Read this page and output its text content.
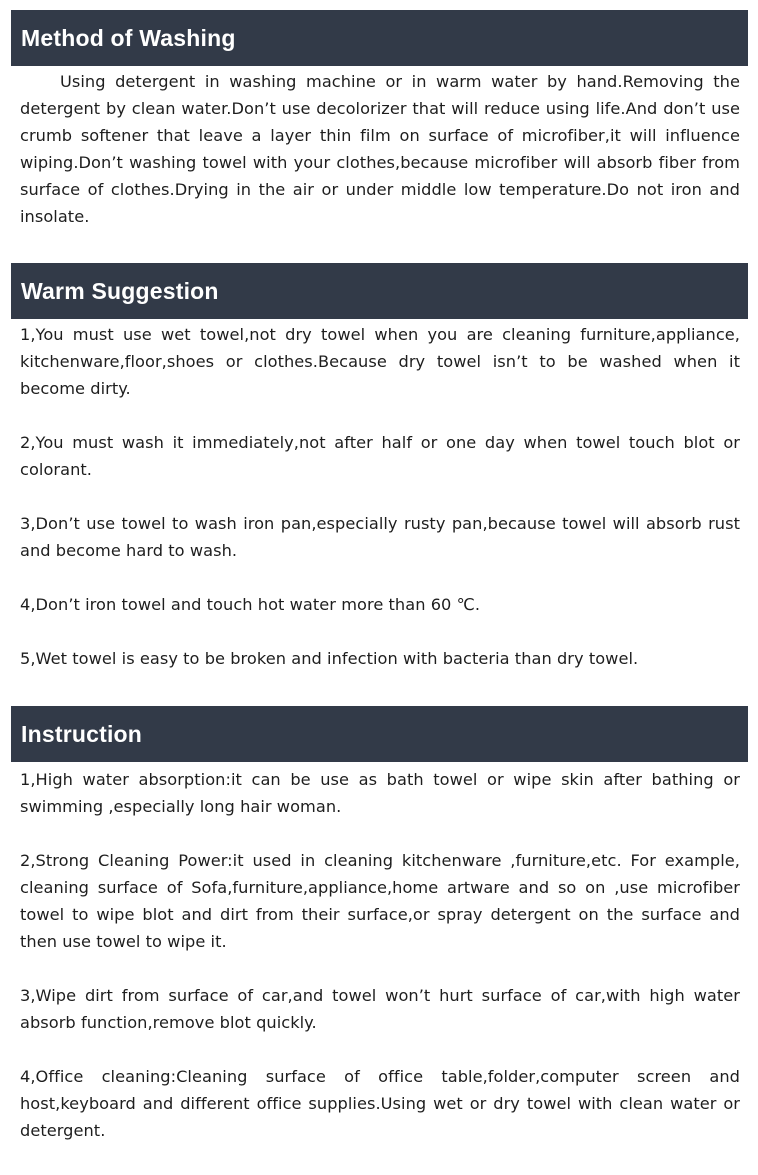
Method of Washing

Using detergent in washing machine or in warm water by hand.Removing the detergent by clean water.Don’t use decolorizer that will reduce using life.And don’t use crumb softener that leave a layer thin film on surface of microfiber,it will influence wiping.Don’t washing towel with your clothes,because microfiber will absorb fiber from surface of clothes.Drying in the air or under middle low temperature.Do not iron and insolate.

Warm Suggestion

1,You must use wet towel,not dry towel when you are cleaning furniture,appliance, kitchenware,floor,shoes or clothes.Because dry towel isn’t to be washed when it become dirty.

2,You must wash it immediately,not after half or one day when towel touch blot or colorant.

3,Don’t use towel to wash iron pan,especially rusty pan,because towel will absorb rust and become hard to wash.

4,Don’t iron towel and touch hot water more than 60 ℃.

5,Wet towel is easy to be broken and infection with bacteria than dry towel.

Instruction

1,High water absorption:it can be use as bath towel or wipe skin after bathing or swimming ,especially long hair woman.

2,Strong Cleaning Power:it used in cleaning kitchenware ,furniture,etc. For example, cleaning surface of Sofa,furniture,appliance,home artware and so on ,use microfiber towel to wipe blot and dirt from their surface,or spray detergent on the surface and then use towel to wipe it.

3,Wipe dirt from surface of car,and towel won’t hurt surface of car,with high water absorb function,remove blot quickly.

4,Office cleaning:Cleaning surface of office table,folder,computer screen and host,keyboard and different office supplies.Using wet or dry towel with clean water or detergent.
